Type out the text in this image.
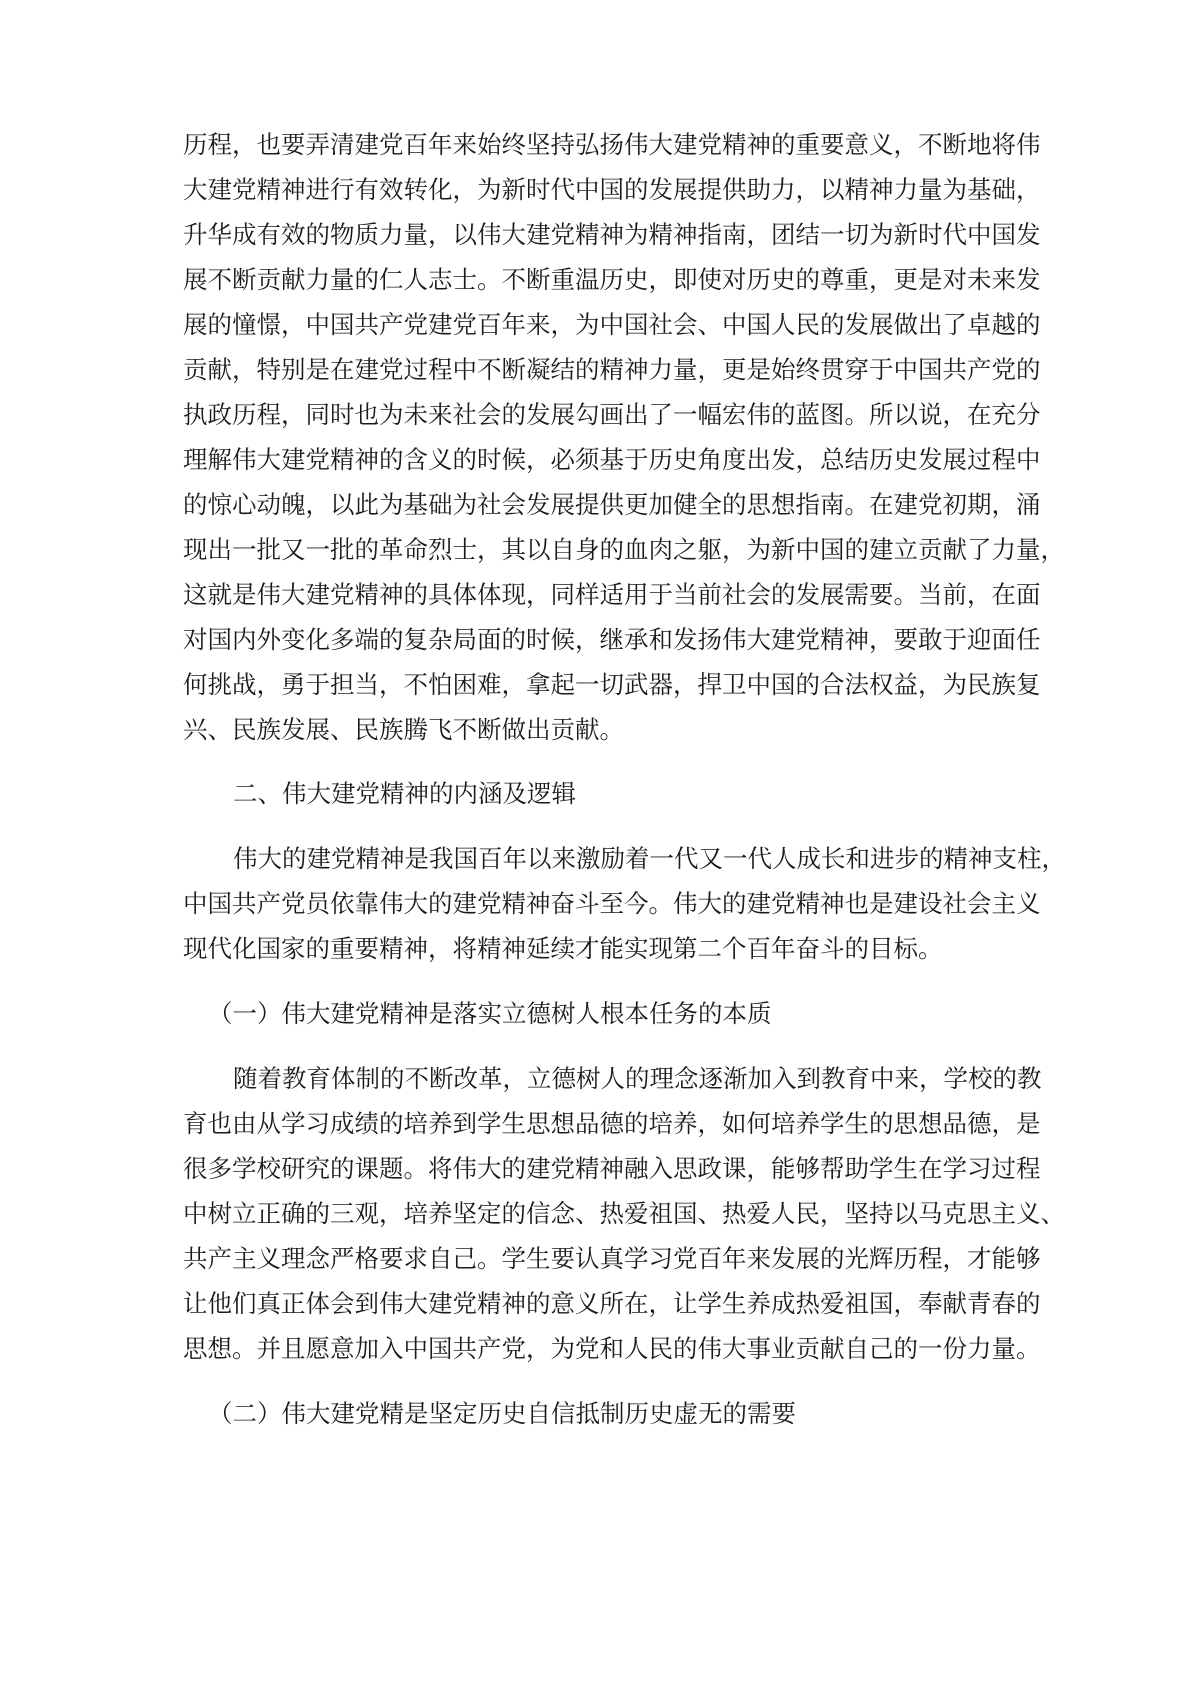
历程，也要弄清建党百年来始终坚持弘扬伟大建党精神的重要意义，不断地将伟
大建党精神进行有效转化，为新时代中国的发展提供助力，以精神力量为基础，
升华成有效的物质力量，以伟大建党精神为精神指南，团结一切为新时代中国发
展不断贡献力量的仁人志士。不断重温历史，即使对历史的尊重，更是对未来发
展的憧憬，中国共产党建党百年来，为中国社会、中国人民的发展做出了卓越的
贡献，特别是在建党过程中不断凝结的精神力量，更是始终贯穿于中国共产党的
执政历程，同时也为未来社会的发展勾画出了一幅宏伟的蓝图。所以说，在充分
理解伟大建党精神的含义的时候，必须基于历史角度出发，总结历史发展过程中
的惊心动魄，以此为基础为社会发展提供更加健全的思想指南。在建党初期，涌
现出一批又一批的革命烈士，其以自身的血肉之躯，为新中国的建立贡献了力量，
这就是伟大建党精神的具体体现，同样适用于当前社会的发展需要。当前，在面
对国内外变化多端的复杂局面的时候，继承和发扬伟大建党精神，要敢于迎面任
何挑战，勇于担当，不怕困难，拿起一切武器，捍卫中国的合法权益，为民族复
兴、民族发展、民族腾飞不断做出贡献。
二、伟大建党精神的内涵及逻辑
伟大的建党精神是我国百年以来激励着一代又一代人成长和进步的精神支柱，
中国共产党员依靠伟大的建党精神奋斗至今。伟大的建党精神也是建设社会主义
现代化国家的重要精神，将精神延续才能实现第二个百年奋斗的目标。
（一）伟大建党精神是落实立德树人根本任务的本质
随着教育体制的不断改革，立德树人的理念逐渐加入到教育中来，学校的教
育也由从学习成绩的培养到学生思想品德的培养，如何培养学生的思想品德，是
很多学校研究的课题。将伟大的建党精神融入思政课，能够帮助学生在学习过程
中树立正确的三观，培养坚定的信念、热爱祖国、热爱人民，坚持以马克思主义、
共产主义理念严格要求自己。学生要认真学习党百年来发展的光辉历程，才能够
让他们真正体会到伟大建党精神的意义所在，让学生养成热爱祖国，奉献青春的
思想。并且愿意加入中国共产党，为党和人民的伟大事业贡献自己的一份力量。
（二）伟大建党精是坚定历史自信抵制历史虚无的需要
